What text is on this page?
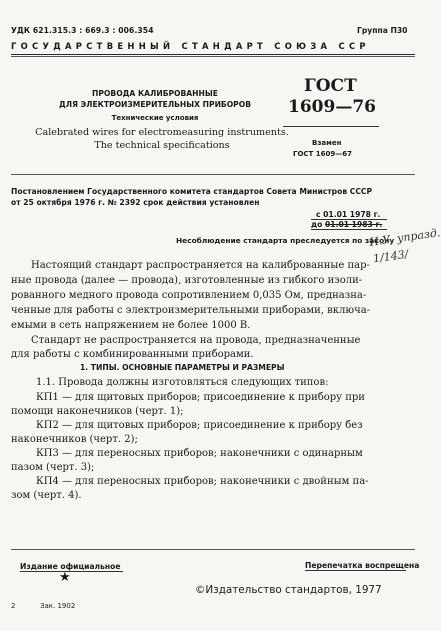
УДК 621.315.3 : 669.3 : 006.354	Группа П30
ГОСУДАРСТВЕННЫЙ СТАНДАРТ СОЮЗА ССР
ПРОВОДА КАЛИБРОВАННЫЕ
ДЛЯ ЭЛЕКТРОИЗМЕРИТЕЛЬНЫХ ПРИБОРОВ
Технические условия
Calebrated wires for electromeasuring instruments.
The technical specifications
ГОСТ
1609—76
Взамен
ГОСТ 1609—67
Постановлением Государственного комитета стандартов Совета Министров СССР
от 25 октября 1976 г. № 2392 срок действия установлен
с 01.01 1978 г.
до 01.01 1983 г.
Несоблюдение стандарта преследуется по закону
И.У. упразд.
1/143/
Настоящий стандарт распространяется на калиброванные пар-
ные провода (далее — провода), изготовленные из гибкого изоли-
рованного медного провода сопротивлением 0,035 Ом, предназна-
ченные для работы с электроизмерительными приборами, включа-
емыми в сеть напряжением не более 1000 В.
Стандарт не распространяется на провода, предназначенные
1. ТИПЫ. ОСНОВНЫЕ ПАРАМЕТРЫ И РАЗМЕРЫ
1.1. Провода должны изготовляться следующих типов:
КП1 — для щитовых приборов; присоединение к прибору при
помощи наконечников (черт. 1);
КП2 — для щитовых приборов; присоединение к прибору без
наконечников (черт. 2);
КП3 — для переносных приборов; наконечники с одинарным
пазом (черт. 3);
КП4 — для переносных приборов; наконечники с двойным па-
зом (черт. 4).
Издание официальное
★
Перепечатка воспрещена
©Издательство стандартов, 1977
2	Зак. 1902
для работы с комбинированными приборами.
